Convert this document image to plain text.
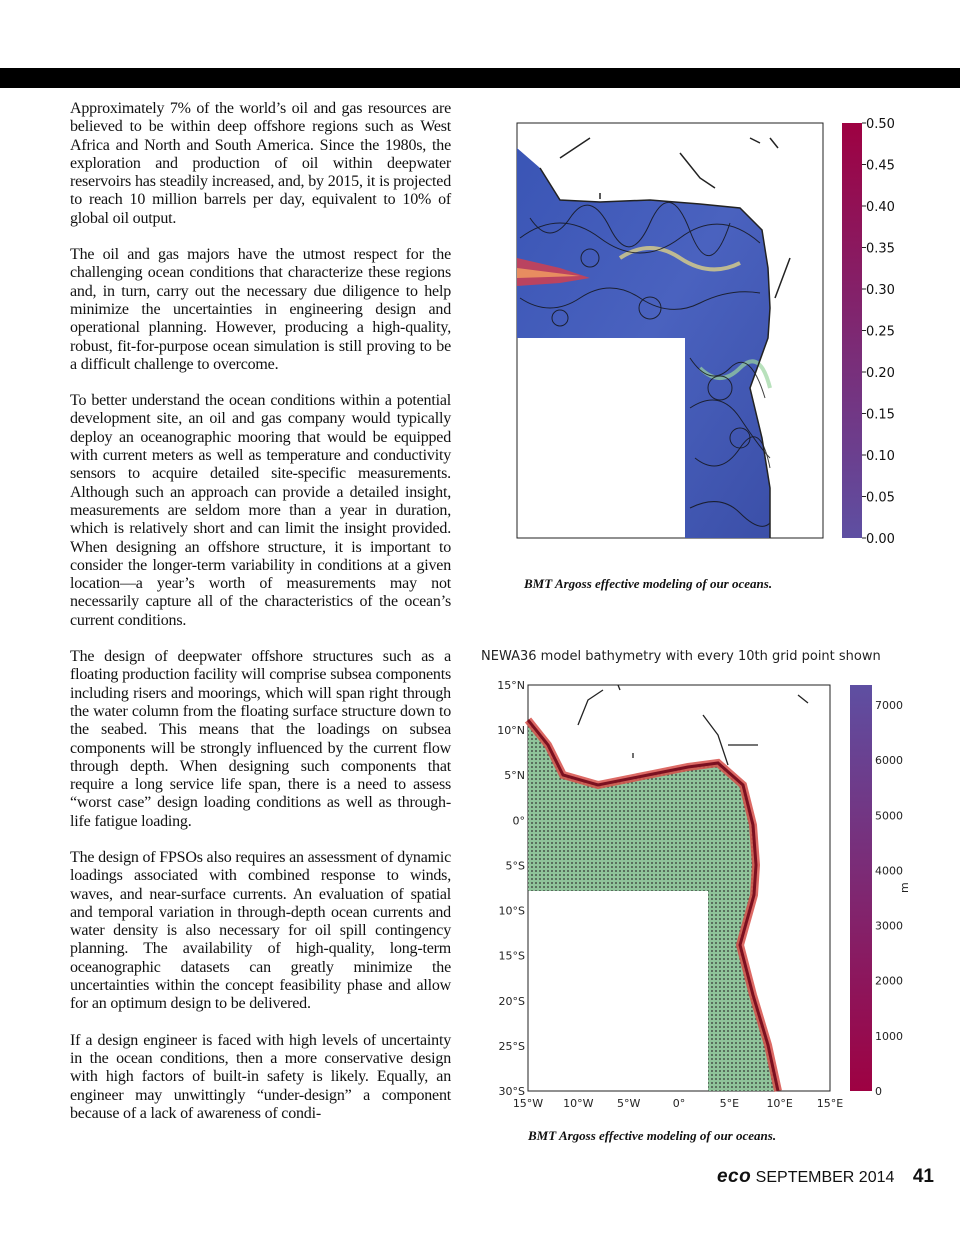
Approximately 7% of the world’s oil and gas resources are believed to be within deep offshore regions such as West Africa and North and South America. Since the 1980s, the exploration and production of oil within deepwater reservoirs has steadily increased, and, by 2015, it is projected to reach 10 million barrels per day, equivalent to 10% of global oil output.

The oil and gas majors have the utmost respect for the challenging ocean conditions that characterize these regions and, in turn, carry out the necessary due diligence to help minimize the uncertainties in engineering design and operational planning. However, producing a high-quality, robust, fit-for-purpose ocean simulation is still proving to be a difficult challenge to overcome.

To better understand the ocean conditions within a potential development site, an oil and gas company would typically deploy an oceanographic mooring that would be equipped with current meters as well as temperature and conductivity sensors to acquire detailed site-specific measurements. Although such an approach can provide a detailed insight, measurements are seldom more than a year in duration, which is relatively short and can limit the insight provided. When designing an offshore structure, it is important to consider the longer-term variability in conditions at a given location—a year’s worth of measurements may not necessarily capture all of the characteristics of the ocean’s current conditions.

The design of deepwater offshore structures such as a floating production facility will comprise subsea components including risers and moorings, which will span right through the water column from the floating surface structure down to the seabed. This means that the loadings on subsea components will be strongly influenced by the current flow through depth. When designing such components that require a long service life span, there is a need to assess “worst case” design loading conditions as well as through-life fatigue loading.

The design of FPSOs also requires an assessment of dynamic loadings associated with combined response to winds, waves, and near-surface currents. An evaluation of spatial and temporal variation in through-depth ocean currents and water density is also necessary for oil spill contingency planning. The availability of high-quality, long-term oceanographic datasets can greatly minimize the uncertainties within the concept feasibility phase and allow for an optimum design to be delivered.

If a design engineer is faced with high levels of uncertainty in the ocean conditions, then a more conservative design with high factors of built-in safety is likely. Equally, an engineer may unwittingly “under-design” a component because of a lack of awareness of condi-

0.50
0.45
0.40
0.35
0.30
0.25
0.20
0.15
0.10
0.05
0.00
BMT Argoss effective modeling of our oceans.
NEWA36 model bathymetry with every 10th grid point shown
15°N
10°N
5°N
0°
5°S
10°S
15°S
20°S
25°S
30°S
15°W 10°W 5°W	0°	5°E 10°E 15°E
7000
6000
5000
4000
3000
2000
1000
0
m
BMT Argoss effective modeling of our oceans.
eco SEPTEMBER 2014 41
